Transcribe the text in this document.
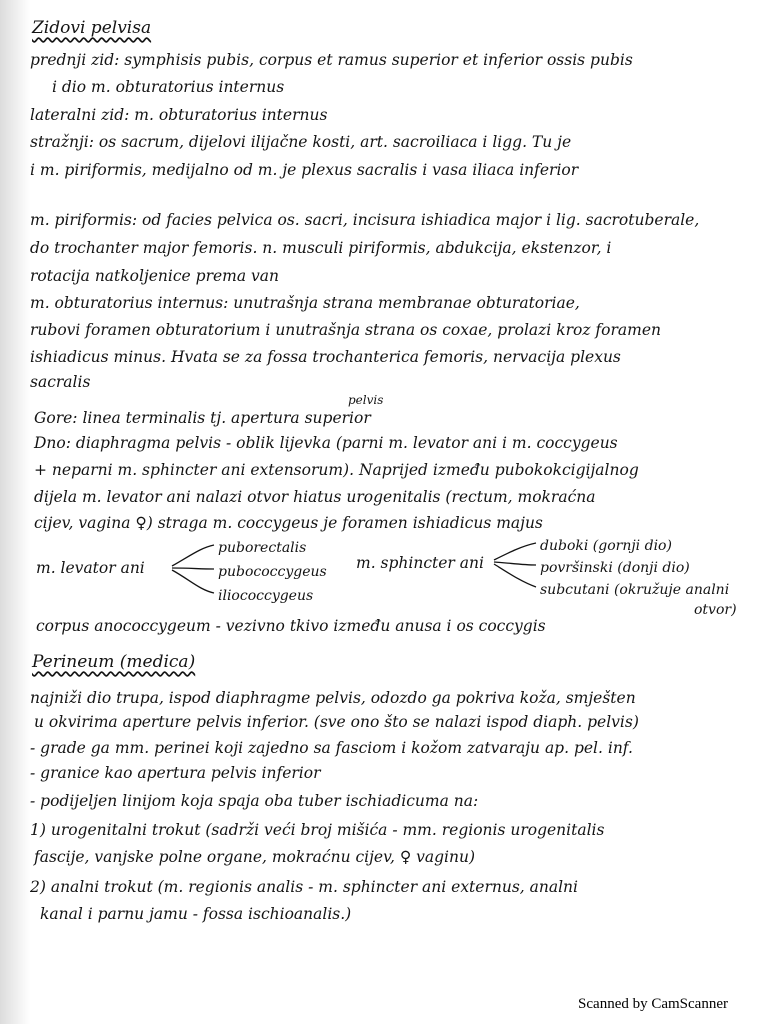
Zidovi pelvisa
prednji zid: symphisis pubis, corpus et ramus superior et inferior ossis pubis
i dio m. obturatorius internus
lateralni zid: m. obturatorius internus
stražnji: os sacrum, dijelovi ilijačne kosti, art. sacroiliaca i ligg. Tu je
i m. piriformis, medijalno od m. je plexus sacralis i vasa iliaca inferior
m. piriformis: od facies pelvica os. sacri, incisura ishiadica major i lig. sacrotuberale,
do trochanter major femoris. n. musculi piriformis, abdukcija, ekstenzor, i
rotacija natkoljenice prema van
m. obturatorius internus: unutrašnja strana membranae obturatoriae,
rubovi foramen obturatorium i unutrašnja strana os coxae, prolazi kroz foramen
ishiadicus minus. Hvata se za fossa trochanterica femoris, nervacija plexus
sacralis
pelvis
Gore: linea terminalis tj. apertura superior
Dno: diaphragma pelvis - oblik lijevka (parni m. levator ani i m. coccygeus
+ neparni m. sphincter ani extensorum). Naprijed između pubokokcigijalnog
dijela m. levator ani nalazi otvor hiatus urogenitalis (rectum, mokraćna
cijev, vagina ♀) straga m. coccygeus je foramen ishiadicus majus
m. levator ani
puborectalis
pubococcygeus
iliococcygeus
m. sphincter ani
duboki (gornji dio)
površinski (donji dio)
subcutani (okružuje analni
otvor)
corpus anococcygeum - vezivno tkivo između anusa i os coccygis
Perineum (medica)
najniži dio trupa, ispod diaphragme pelvis, odozdo ga pokriva koža, smješten
u okvirima aperture pelvis inferior. (sve ono što se nalazi ispod diaph. pelvis)
- grade ga mm. perinei koji zajedno sa fasciom i kožom zatvaraju ap. pel. inf.
- granice kao apertura pelvis inferior
- podijeljen linijom koja spaja oba tuber ischiadicuma na:
1) urogenitalni trokut (sadrži veći broj mišića - mm. regionis urogenitalis
fascije, vanjske polne organe, mokraćnu cijev, ♀ vaginu)
2) analni trokut (m. regionis analis - m. sphincter ani externus, analni
kanal i parnu jamu - fossa ischioanalis.)
Scanned by CamScanner
